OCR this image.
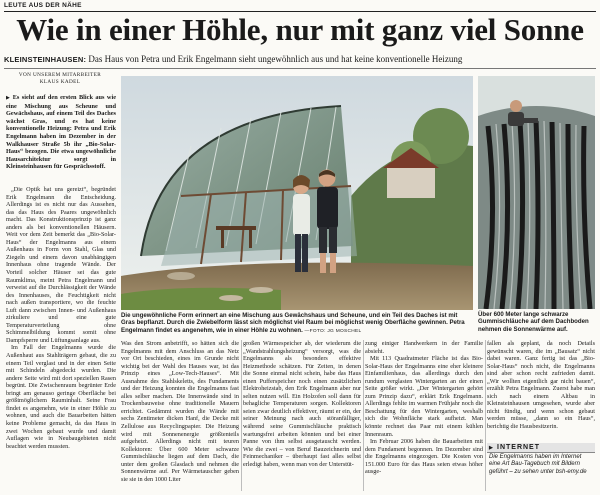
LEUTE AUS DER NÄHE
Wie in einer Höhle, nur mit ganz viel Sonne
KLEINSTEINHAUSEN: Das Haus von Petra und Erik Engelmann sieht ungewöhnlich aus und hat keine konventionelle Heizung
VON UNSEREM MITARBEITER
KLAUS KADEL
▶ Es sieht auf den ersten Blick aus wie eine Mischung aus Scheune und Gewächshaus, auf einem Teil des Daches wächst Gras, und es hat keine konventionelle Heizung: Petra und Erik Engelmann haben im Dezember in der Walkhauser Straße 5b ihr „Bio-Solar-Haus“ bezogen. Die etwa ungewöhnliche Hausarchitektur sorgt in Kleinsteinhausen für Gesprächsstoff.

„Die Optik hat uns gereizt“, begründet Erik Engelmann die Entscheidung. Allerdings ist es nicht nur das Aussehen, das das Haus des Paares ungewöhnlich macht. Das Konstruktionsprinzip ist ganz anders als bei konventionellen Häusern. Weit vor dem Zeit bemerkt das „Bio-Solar-Haus“ der Engelmanns aus einem Außenhaus in Form von Stahl, Glas und Ziegeln und einem davon unabhängigen Innenhaus ohne tragende Wände. Der Vorteil solcher Häuser sei das gute Raumklima, meint Petra Engelmann und verweist auf die Durchlässigkeit der Wände des Innenhauses, die Feuchtigkeit nicht nach außen transportiere, wo die feuchte Luft dann zwischen Innen- und Außenhaus zirkuliere und eine gute Temperaturverteilung ohne Schimmelbildung kommt somit ohne Dampfsperre und Lüftungsanlage aus.

Im Fall der Engelmanns wurde die Außenhaut aus Stahlträgern gebaut, die zu einem Teil verglast und in der einen Seite mit Schindeln abgedeckt wurden. Die andere Seite wird mit dort speziellen Rasen begrünt. Die Zwischenraum begrünter Erde bringt am genauso geringe Oberfläche bei größtmöglichem Rauminhalt. Seine Frau findet es angenehm, wie in einer Höhle zu wohnen, und auch die Bauarbeiten hätten keine Probleme gemacht, da das Haus in zwei Wochen gebaut wurde und damit Auflagen wie in Neubaugebieten nicht beachtet werden mussten.

Die ungewöhnliche Form erinnert an eine Mischung aus Gewächshaus und Scheune, und ein Teil des Daches ist mit Gras bepflanzt. Durch die Zwiebelform lässt sich möglichst viel Raum bei möglichst wenig Oberfläche gewinnen. Petra Engelmann findet es angenehm, wie in einer Höhle zu wohnen. —FOTO: JG MOSCHEL
Über 600 Meter lange schwarze Gummischläuche auf dem Dachboden nehmen die Sonnenwärme auf.

Was den Strom anbetrifft, so hätten sich die Engelmanns mit dem Anschluss an das Netz vor Ort beschieden, eines im Grunde nicht wichtig bei der Wahl des Hauses war, ist das Prinzip eines „Low-Tech-Hauses“. Mit Ausnahme des Stahlskeletts, des Fundaments und der Heizung konnten die Engelmanns fast alles selber machen. Die Innenwände sind in Trockenbauweise ohne traditionelle Mauern errichtet. Gedämmt wurden die Wände mit sechs Zentimeter dicken Hanf, die Decke mit Zellulose aus Recyclingpapier. Die Heizung wird mit Sonnenenergie größtenteils aufgeheizt. Allerdings nicht mit teuren Kollektoren: Über 600 Meter schwarze Gummischläuche liegen auf dem Dach, die unter dem großen Glasdach und nehmen die Sonnenwärme auf. Per Wärmetauscher geben sie sie in den 1000 Liter

großen Wärmespeicher ab, der wiederum die „Wandstrahlungsheizung“ versorgt, was die Engelmanns als besonders effektive Heizmethode schätzen. Für Zeiten, in denen die Sonne einmal nicht schein, habe das Haus einen Pufferspeicher noch einen zusätzlichen Elektroheizstab, den Erik Engelmann aber nur selten nutzen will. Ein Holzofen soll dann für behagliche Temperaturen sorgen. Kollektoren seien zwar deutlich effektiver, räumt er ein, der seiner Meinung nach auch störanfälliger, während seine Gummischläuche praktisch wartungsfrei arbeiten könnten und bei einer Panne von ihm selbst ausgetauscht werden. Wie die zwei – von Beruf Bauzeichnerin und Feinmechaniker – überhaupt fast alles selbst erledigt haben, wenn man von der Unterstüt-

zung einiger Handwerkern in der Familie absieht.

Mit 113 Quadratmeter Fläche ist das Bio-Solar-Haus der Engelmanns eine eher kleinere Einfamilienhaus, das allerdings durch den rundum verglasten Wintergarten an der einen Seite größer wirkt. „Der Wintergarten gehört zum Prinzip dazu“, erklärt Erik Engelmann. Allerdings fehlte im warmen Frühjahr noch die Beschattung für den Wintergarten, weshalb sich die Wohnfläche stark aufheizt. Man könnte rechnet das Paar mit einem kühlen Innenraum.

Im Februar 2006 haben die Bauarbeiten mit dem Fundament begonnen. Im Dezember sind die Engelmanns eingezogen. Die Kosten von 151.000 Euro für das Haus seien etwas höher ausge-

fallen als geplant, da noch Details gewünscht waren, die im „Bausatz“ nicht dabei waren. Ganz fertig ist das „Bio-Solar-Haus“ noch nicht, die Engelmanns sind aber schon recht zufrieden damit. „Wir wollten eigentlich gar nicht bauen“, erzählt Petra Engelmann. Zuerst habe man sich nach einem Altbau in Kleinsteinhausen umgesehen, wurde aber nicht fündig, und wenn schon gebaut werden müsse, „dann so ein Haus“, berichtig die Hausbesitzerin.

▶ INTERNET
Die Engelmanns haben im Internet eine Art Bau-Tagebuch mit Bildern geführt – zu sehen unter bsh-emy.de
